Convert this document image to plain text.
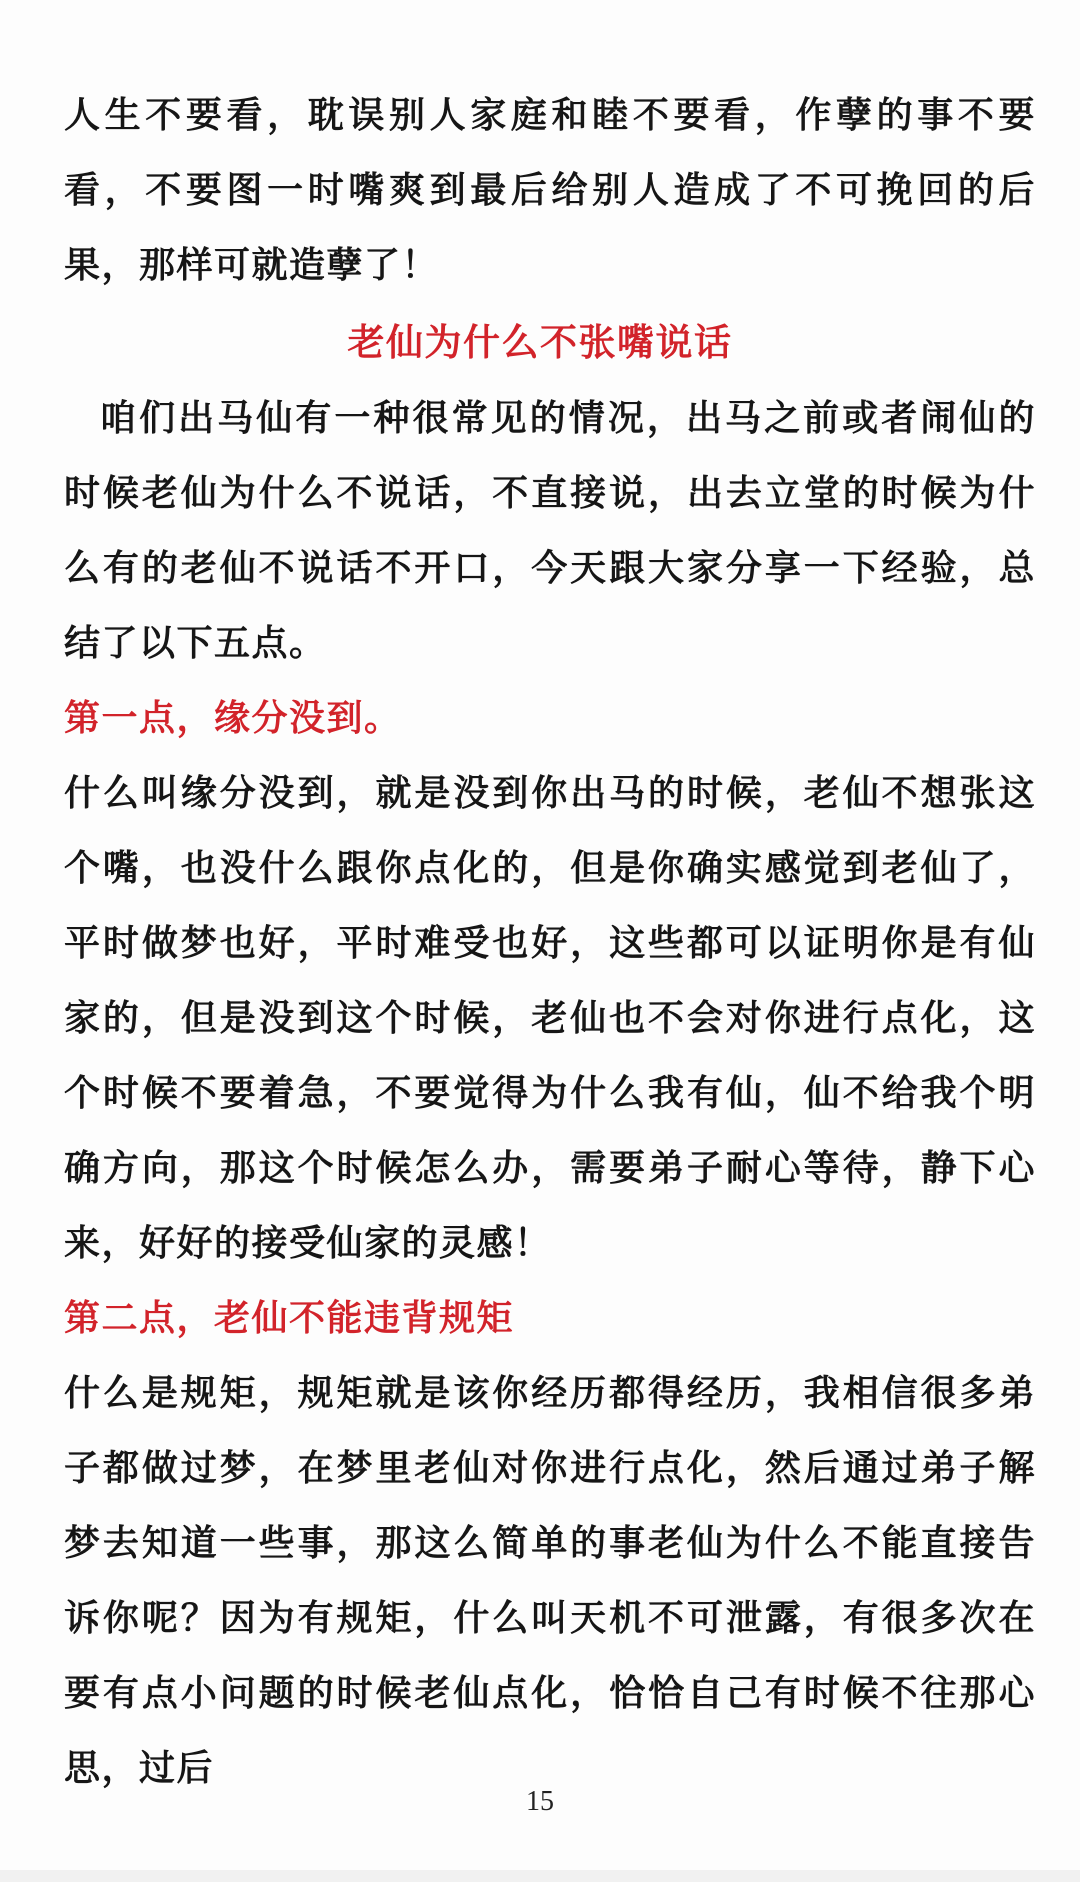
人生不要看，耽误别人家庭和睦不要看，作孽的事不要看，不要图一时嘴爽到最后给别人造成了不可挽回的后果，那样可就造孽了！

老仙为什么不张嘴说话

咱们出马仙有一种很常见的情况，出马之前或者闹仙的时候老仙为什么不说话，不直接说，出去立堂的时候为什么有的老仙不说话不开口，今天跟大家分享一下经验，总结了以下五点。

第一点，缘分没到。

什么叫缘分没到，就是没到你出马的时候，老仙不想张这个嘴，也没什么跟你点化的，但是你确实感觉到老仙了，平时做梦也好，平时难受也好，这些都可以证明你是有仙家的，但是没到这个时候，老仙也不会对你进行点化，这个时候不要着急，不要觉得为什么我有仙，仙不给我个明确方向，那这个时候怎么办，需要弟子耐心等待，静下心来，好好的接受仙家的灵感！

第二点，老仙不能违背规矩

什么是规矩，规矩就是该你经历都得经历，我相信很多弟子都做过梦，在梦里老仙对你进行点化，然后通过弟子解梦去知道一些事，那这么简单的事老仙为什么不能直接告诉你呢？因为有规矩，什么叫天机不可泄露，有很多次在要有点小问题的时候老仙点化，恰恰自己有时候不往那心思，过后

15
